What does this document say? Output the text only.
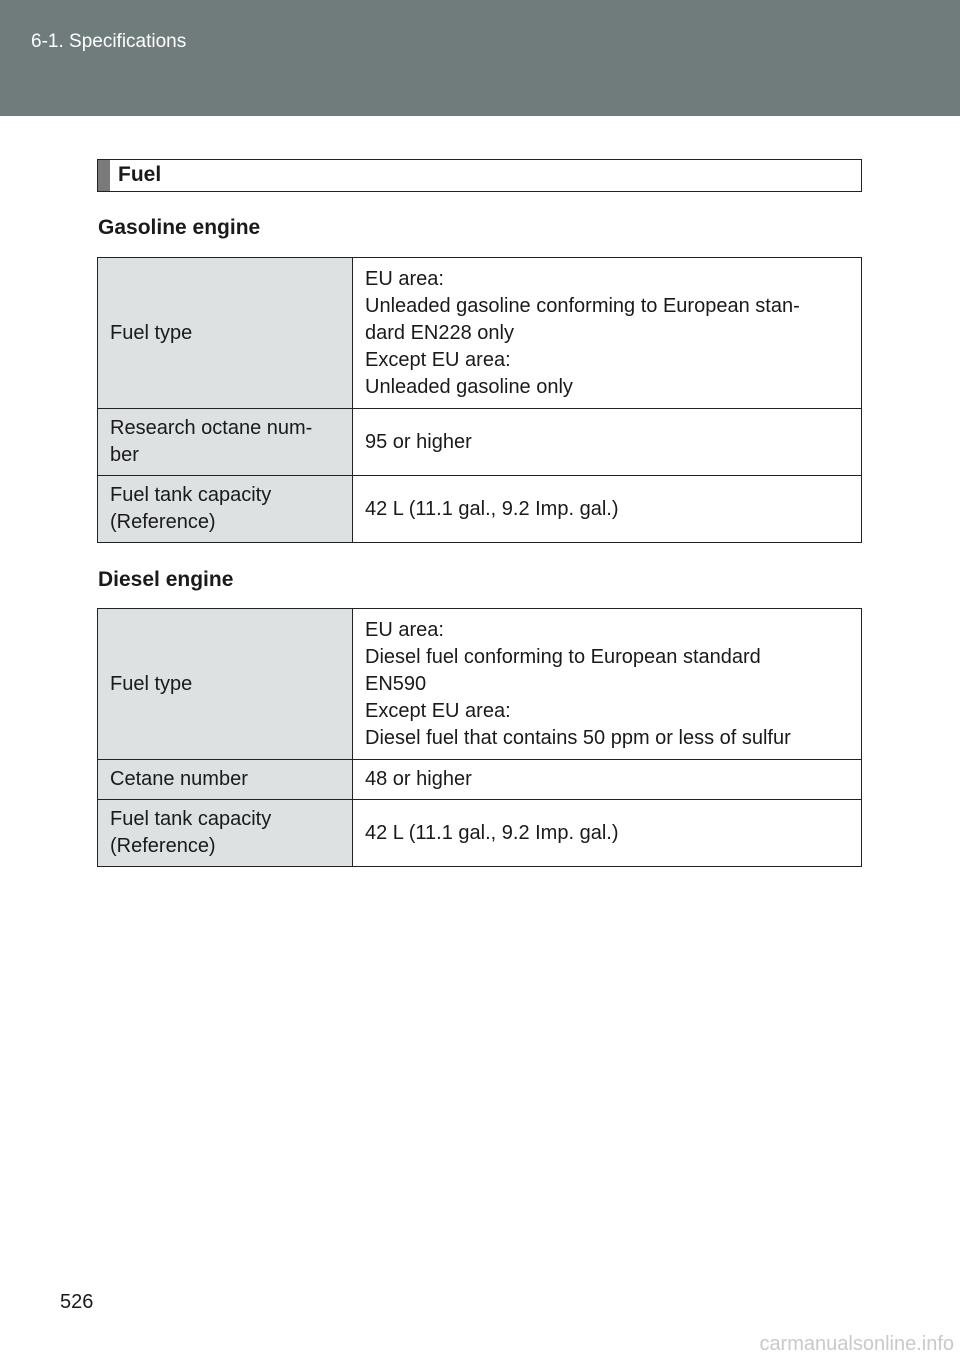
6-1. Specifications
Fuel
Gasoline engine
Fuel type	EU area:
Unleaded gasoline conforming to European stan-
dard EN228 only
Except EU area:
Unleaded gasoline only

Research octane num-
ber	95 or higher

Fuel tank capacity
(Reference)	42 L (11.1 gal., 9.2 Imp. gal.)
Diesel engine
Fuel type	EU area:
Diesel fuel conforming to European standard
EN590
Except EU area:
Diesel fuel that contains 50 ppm or less of sulfur

Cetane number	48 or higher

Fuel tank capacity
(Reference)	42 L (11.1 gal., 9.2 Imp. gal.)
526
carmanualsonline.info
